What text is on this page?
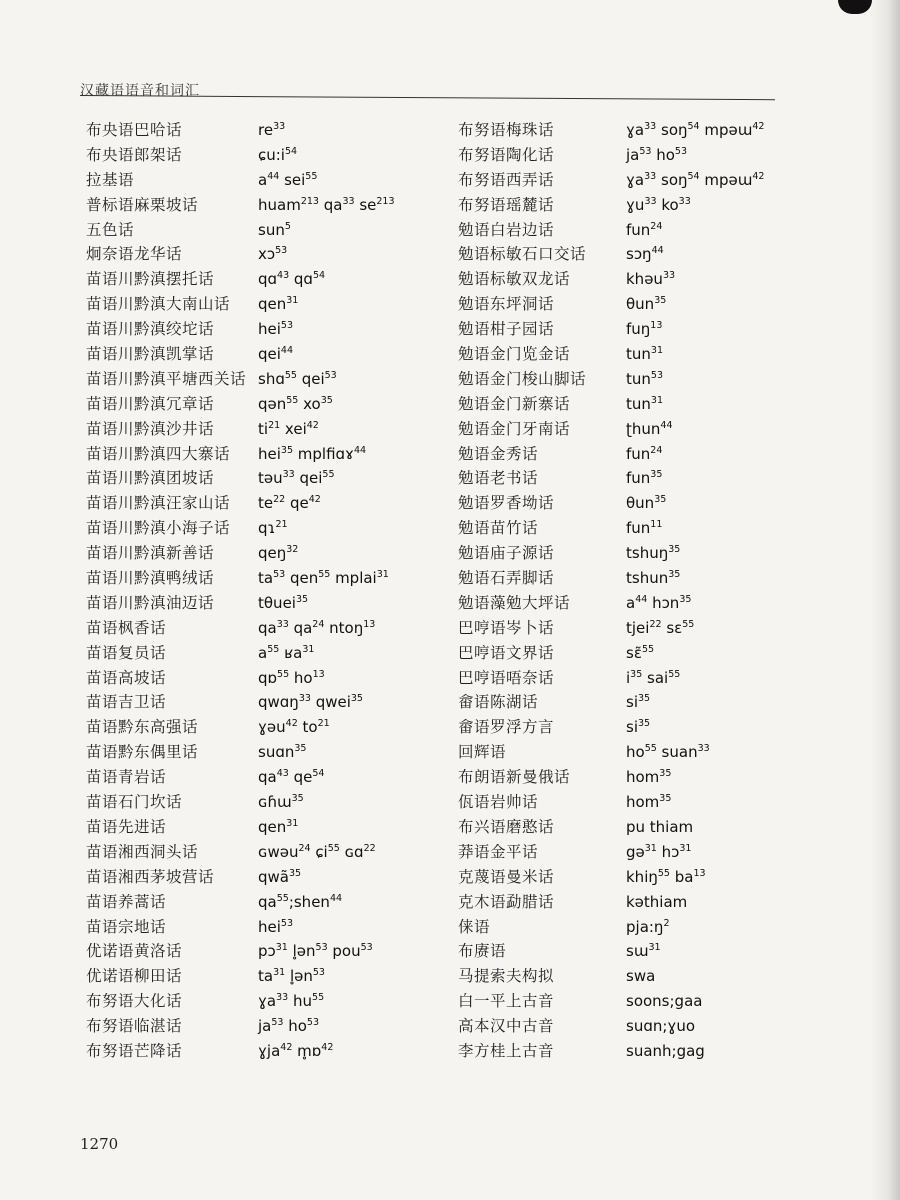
汉藏语语音和词汇
布央语巴哈话	$re^{33}$
布央语郎架话	$ɕu:i^{54}$
拉基语	$a^{44}$ sei$^{55}$
普标语麻栗坡话	huam$^{213}$ $qa^{33}$ $se^{213}$
五色话	sun$^5$
炯奈语龙华话	xɔ$^{53}$
苗语川黔滇摆托话	qɑ$^{43}$ qɑ$^{54}$
苗语川黔滇大南山话	qen$^{31}$
苗语川黔滇绞坨话	hei$^{53}$
苗语川黔滇凯掌话	qei$^{44}$
苗语川黔滇平塘西关话 shɑ$^{55}$ qei$^{53}$
苗语川黔滇冗章话	qən$^{55}$ $xo^{35}$
苗语川黔滇沙井话	$ti^{21}$ xei$^{42}$
苗语川黔滇四大寨话	hei$^{35}$ mplfiɑɤ$^{44}$
苗语川黔滇团坡话	təu$^{33}$ qei$^{55}$
苗语川黔滇汪家山话	$te^{22}$ $qe^{42}$
苗语川黔滇小海子话	qɿ$^{21}$
苗语川黔滇新善话	qeŋ$^{32}$
苗语川黔滇鸭绒话	$ta^{53}$ qen$^{55}$ mplai$^{31}$
苗语川黔滇油迈话	tθuei$^{35}$
苗语枫香话	$qa^{33}$ $qa^{24}$ ntoŋ$^{13}$
苗语复员话	$a^{55}$ ʁa$^{31}$
苗语高坡话	qɒ$^{55}$ $ho^{13}$
苗语吉卫话	qwɑŋ$^{33}$ qwei$^{35}$
苗语黔东高强话	ɣəu$^{42}$ $to^{21}$
苗语黔东偶里话	suɑn$^{35}$
苗语青岩话	$qa^{43}$ $qe^{54}$
苗语石门坎话	ɢɦɯ$^{35}$
苗语先进话	qen$^{31}$
苗语湘西洞头话	ɢwəu$^{24}$ ɕi$^{55}$ ɢɑ$^{22}$
苗语湘西茅坡营话	qwã$^{35}$
苗语养蒿话	$qa^{55};shen^{44}$
苗语宗地话	hei$^{53}$
优诺语黄洛话	pɔ$^{31}$ l̥ən$^{53}$ pou$^{53}$
优诺语柳田话	$ta^{31}$ l̥ən$^{53}$
布努语大化话	ɣa$^{33}$ $hu^{55}$
布努语临湛话	$ja^{53}$ $ho^{53}$
布努语芒降话	ɣja$^{42}$ m̥ɒ$^{42}$
布努语梅珠话	ɣa$^{33}$ soŋ$^{54}$ mpəɯ$^{42}$
布努语陶化话	$ja^{53}$ $ho^{53}$
布努语西弄话	ɣa$^{33}$ soŋ$^{54}$ mpəɯ$^{42}$
布努语瑶麓话	ɣu$^{33}$ $ko^{33}$
勉语白岩边话	fun$^{24}$
勉语标敏石口交话	sɔŋ$^{44}$
勉语标敏双龙话	khəu$^{33}$
勉语东坪洞话	θun$^{35}$
勉语柑子园话	fuŋ$^{13}$
勉语金门览金话	tun$^{31}$
勉语金门梭山脚话	tun$^{53}$
勉语金门新寨话	tun$^{31}$
勉语金门牙南话	ʈhun$^{44}$
勉语金秀话	fun$^{24}$
勉语老书话	fun$^{35}$
勉语罗香坳话	θun$^{35}$
勉语苗竹话	fun$^{11}$
勉语庙子源话	tshuŋ$^{35}$
勉语石弄脚话	tshun$^{35}$
勉语藻勉大坪话	$a^{44}$ hɔn$^{35}$
巴哼语岑卜话	tjei$^{22}$ sɛ$^{55}$
巴哼语文界话	sɛ̃$^{55}$
巴哼语唔奈话	$i^{35}$ sai$^{55}$
畲语陈湖话	$si^{35}$
畲语罗浮方言	$si^{35}$
回辉语	$ho^{55}$ suan$^{33}$
布朗语新曼俄话	hom$^{35}$
佤语岩帅话	hom$^{35}$
布兴语磨憨话	pu thiam
莽语金平话	gə$^{31}$ hɔ$^{31}$
克蔑语曼米话	khiŋ$^{55}$ $ba^{13}$
克木语勐腊话	kəthiam
俫语	$pja:ŋ^2$
布赓语	sɯ$^{31}$
马提索夫构拟	swa
白一平上古音	soons;gaa
高本汉中古音	suɑn;ɣuo
李方桂上古音	suanh;gag
1270
